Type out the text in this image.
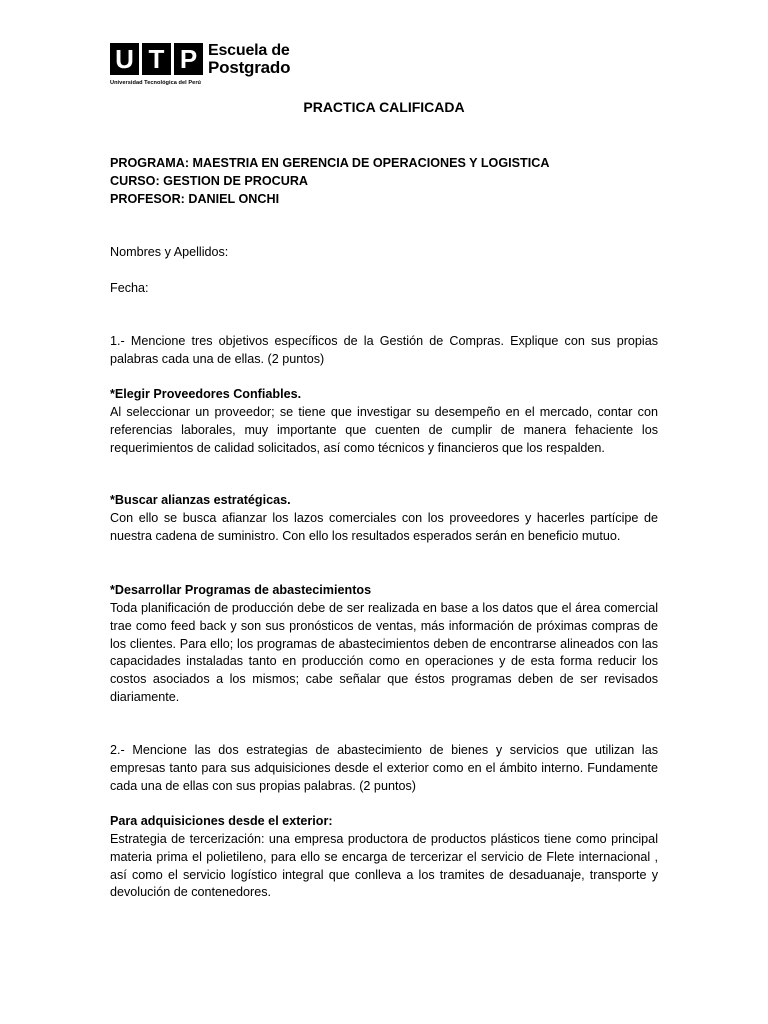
U T P Escuela de
Postgrado
Universidad Tecnológica del Perú
PRACTICA CALIFICADA
PROGRAMA: MAESTRIA EN GERENCIA DE OPERACIONES Y LOGISTICA
CURSO: GESTION DE PROCURA
PROFESOR: DANIEL ONCHI
Nombres y Apellidos:
Fecha:
1.- Mencione tres objetivos específicos de la Gestión de Compras. Explique con sus propias palabras cada una de ellas. (2 puntos)
*Elegir Proveedores Confiables.
Al seleccionar un proveedor; se tiene que investigar su desempeño en el mercado, contar con referencias laborales, muy importante que cuenten de cumplir de manera fehaciente los requerimientos de calidad solicitados, así como técnicos y financieros que los respalden.
*Buscar alianzas estratégicas.
Con ello se busca afianzar los lazos comerciales con los proveedores y hacerles partícipe de nuestra cadena de suministro. Con ello los resultados esperados serán en beneficio mutuo.
*Desarrollar Programas de abastecimientos
Toda planificación de producción debe de ser realizada en base a los datos que el área comercial trae como feed back y son sus pronósticos de ventas, más información de próximas compras de los clientes. Para ello; los programas de abastecimientos deben de encontrarse alineados con las capacidades instaladas tanto en producción como en operaciones y de esta forma reducir los costos asociados a los mismos; cabe señalar que éstos programas deben de ser revisados diariamente.
2.- Mencione las dos estrategias de abastecimiento de bienes y servicios que utilizan las empresas tanto para sus adquisiciones desde el exterior como en el ámbito interno. Fundamente cada una de ellas con sus propias palabras. (2 puntos)
Para adquisiciones desde el exterior:
Estrategia de tercerización: una empresa productora de productos plásticos tiene como principal materia prima el polietileno, para ello se encarga de tercerizar el servicio de Flete internacional , así como el servicio logístico integral que conlleva a los tramites de desaduanaje, transporte y devolución de contenedores.
